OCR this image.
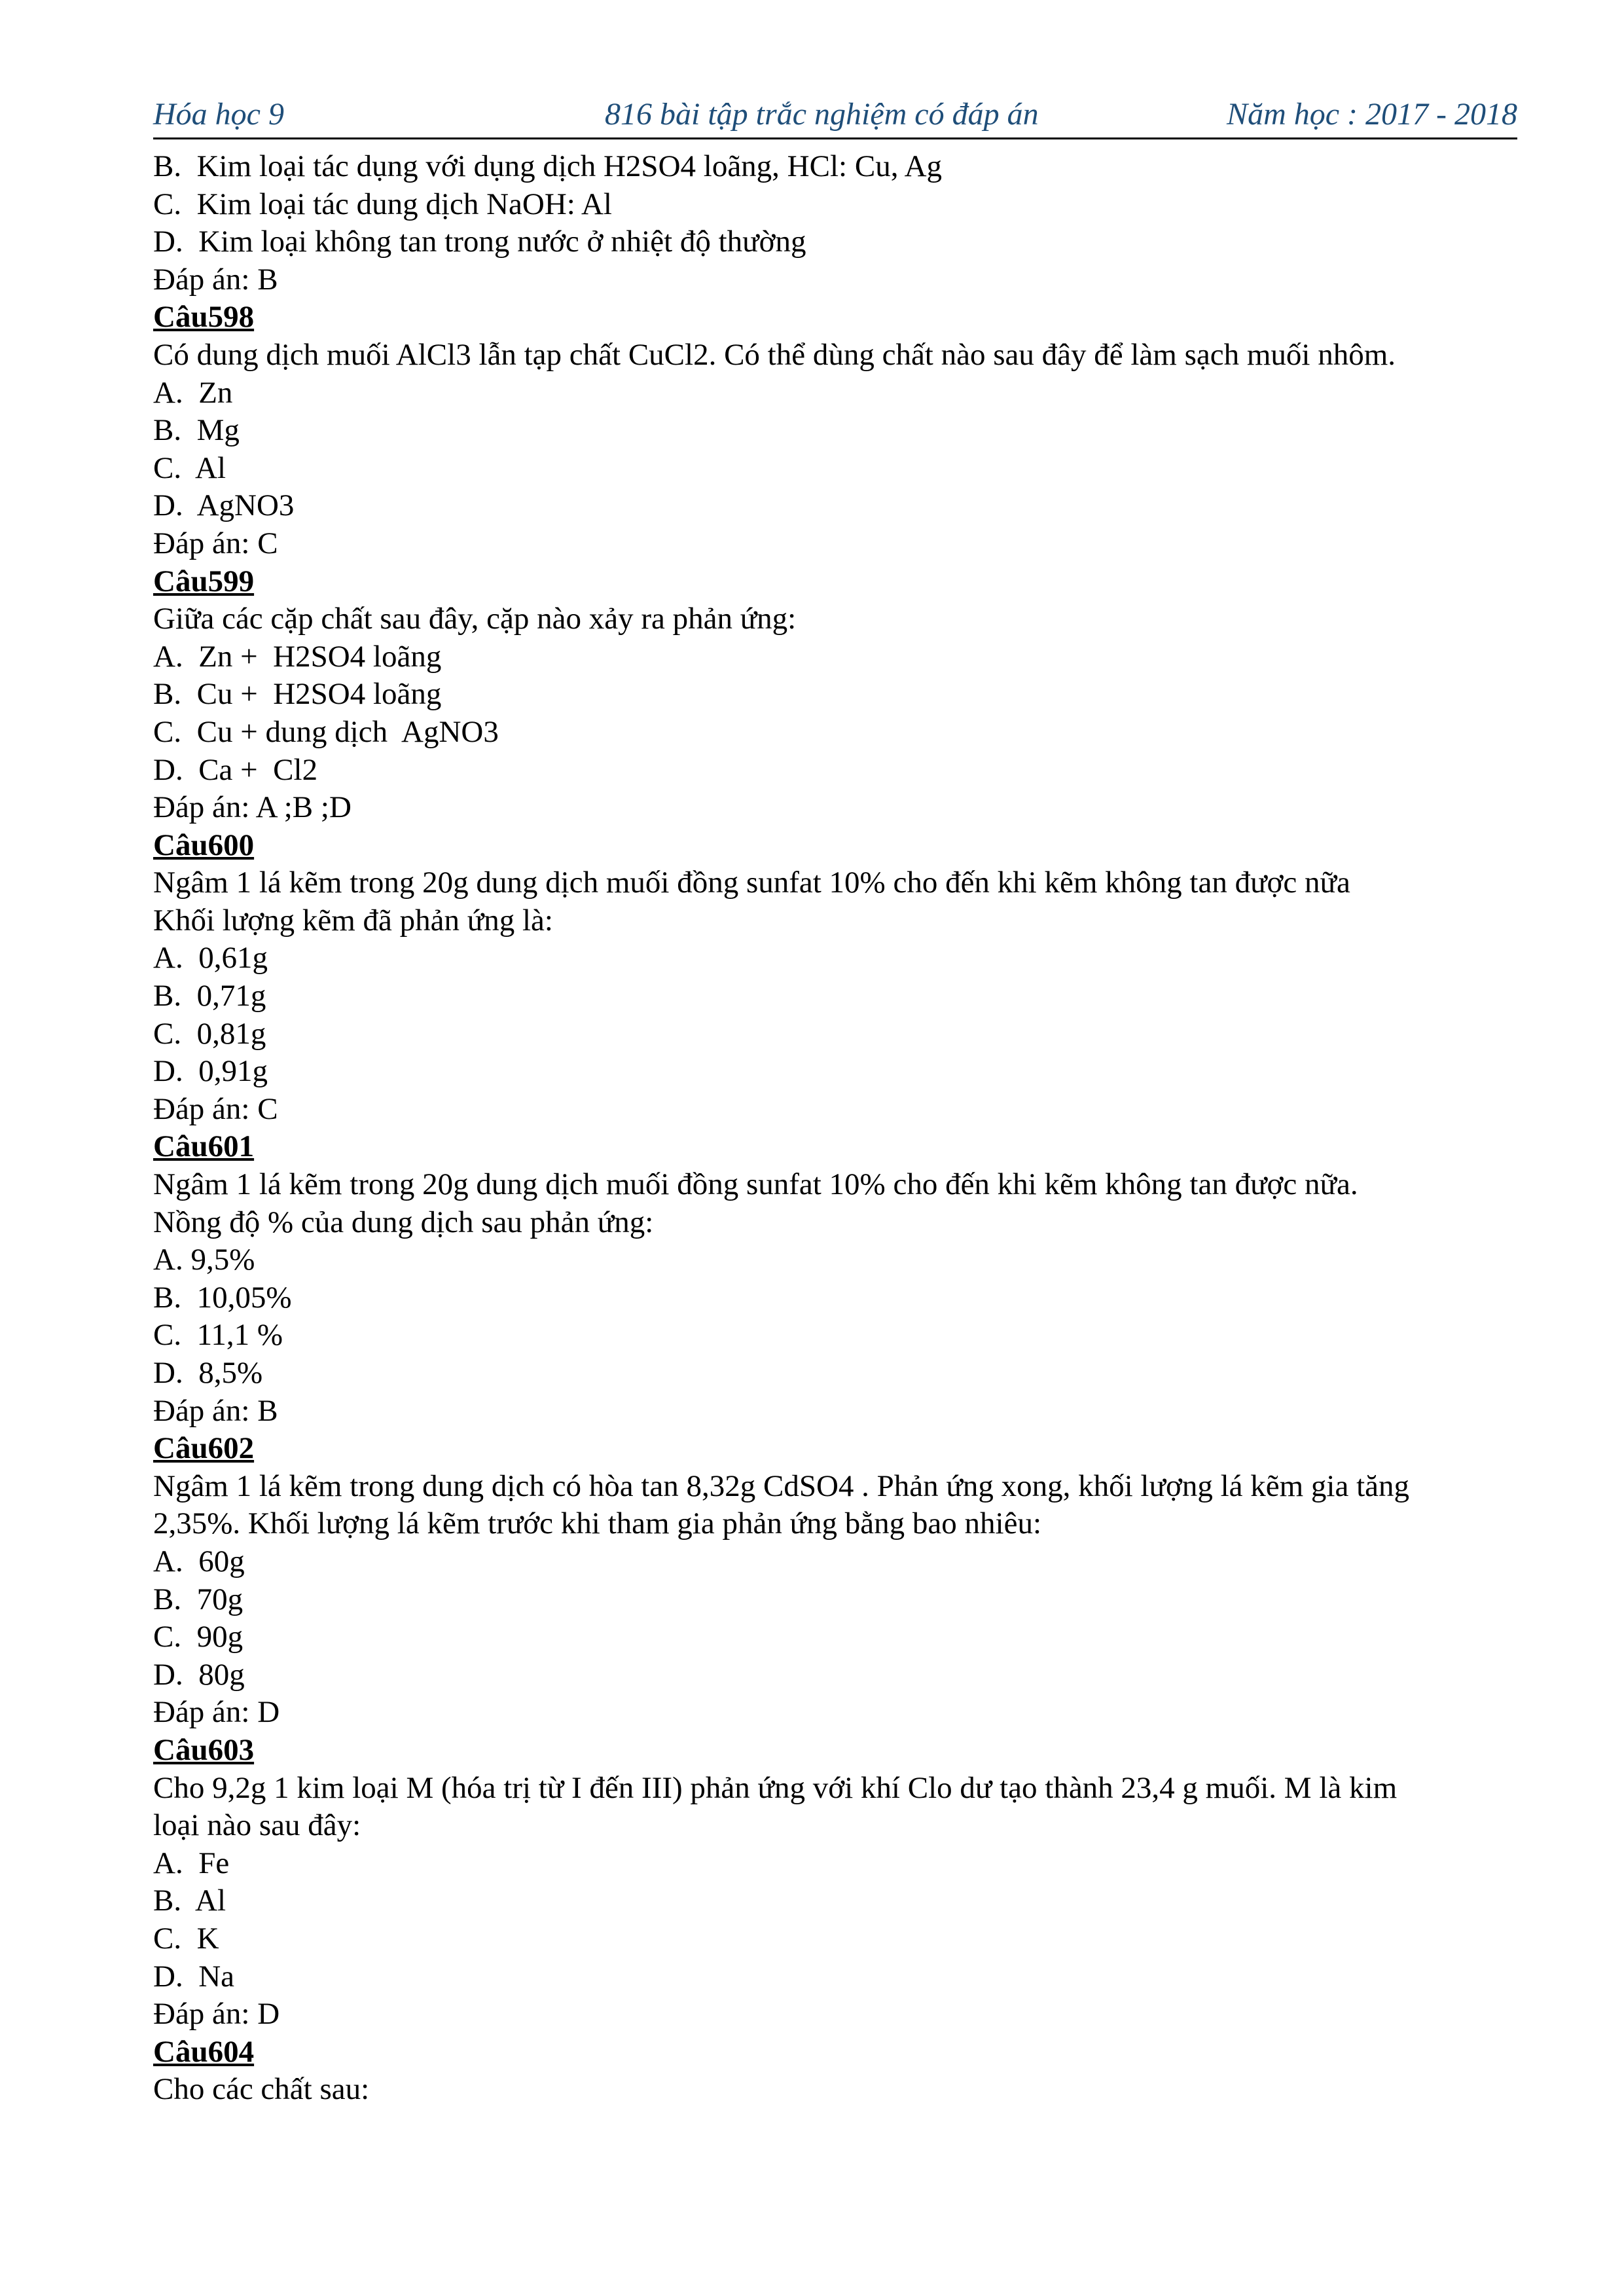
Hóa học 9	816 bài tập trắc nghiệm có đáp án	Năm học : 2017 - 2018
B.  Kim loại tác dụng với dụng dịch H2SO4 loãng, HCl: Cu, Ag
C.  Kim loại tác dung dịch NaOH: Al
D.  Kim loại không tan trong nước ở nhiệt độ thường
Đáp án: B
Câu598
Có dung dịch muối AlCl3 lẫn tạp chất CuCl2. Có thể dùng chất nào sau đây để làm sạch muối nhôm.
A.  Zn
B.  Mg
C.  Al
D.  AgNO3
Đáp án: C
Câu599
Giữa các cặp chất sau đây, cặp nào xảy ra phản ứng:
A.  Zn +  H2SO4 loãng
B.  Cu +  H2SO4 loãng
C.  Cu + dung dịch  AgNO3
D.  Ca +  Cl2
Đáp án: A ;B ;D
Câu600
Ngâm 1 lá kẽm trong 20g dung dịch muối đồng sunfat 10% cho đến khi kẽm không tan được nữa
Khối lượng kẽm đã phản ứng là:
A.  0,61g
B.  0,71g
C.  0,81g
D.  0,91g
Đáp án: C
Câu601
Ngâm 1 lá kẽm trong 20g dung dịch muối đồng sunfat 10% cho đến khi kẽm không tan được nữa.
Nồng độ % của dung dịch sau phản ứng:
A. 9,5%
B.  10,05%
C.  11,1 %
D.  8,5%
Đáp án: B
Câu602
Ngâm 1 lá kẽm trong dung dịch có hòa tan 8,32g CdSO4 . Phản ứng xong, khối lượng lá kẽm gia tăng
2,35%. Khối lượng lá kẽm trước khi tham gia phản ứng bằng bao nhiêu:
A.  60g
B.  70g
C.  90g
D.  80g
Đáp án: D
Câu603
Cho 9,2g 1 kim loại M (hóa trị từ I đến III) phản ứng với khí Clo dư tạo thành 23,4 g muối. M là kim
loại nào sau đây:
A.  Fe
B.  Al
C.  K
D.  Na
Đáp án: D
Câu604
Cho các chất sau:
